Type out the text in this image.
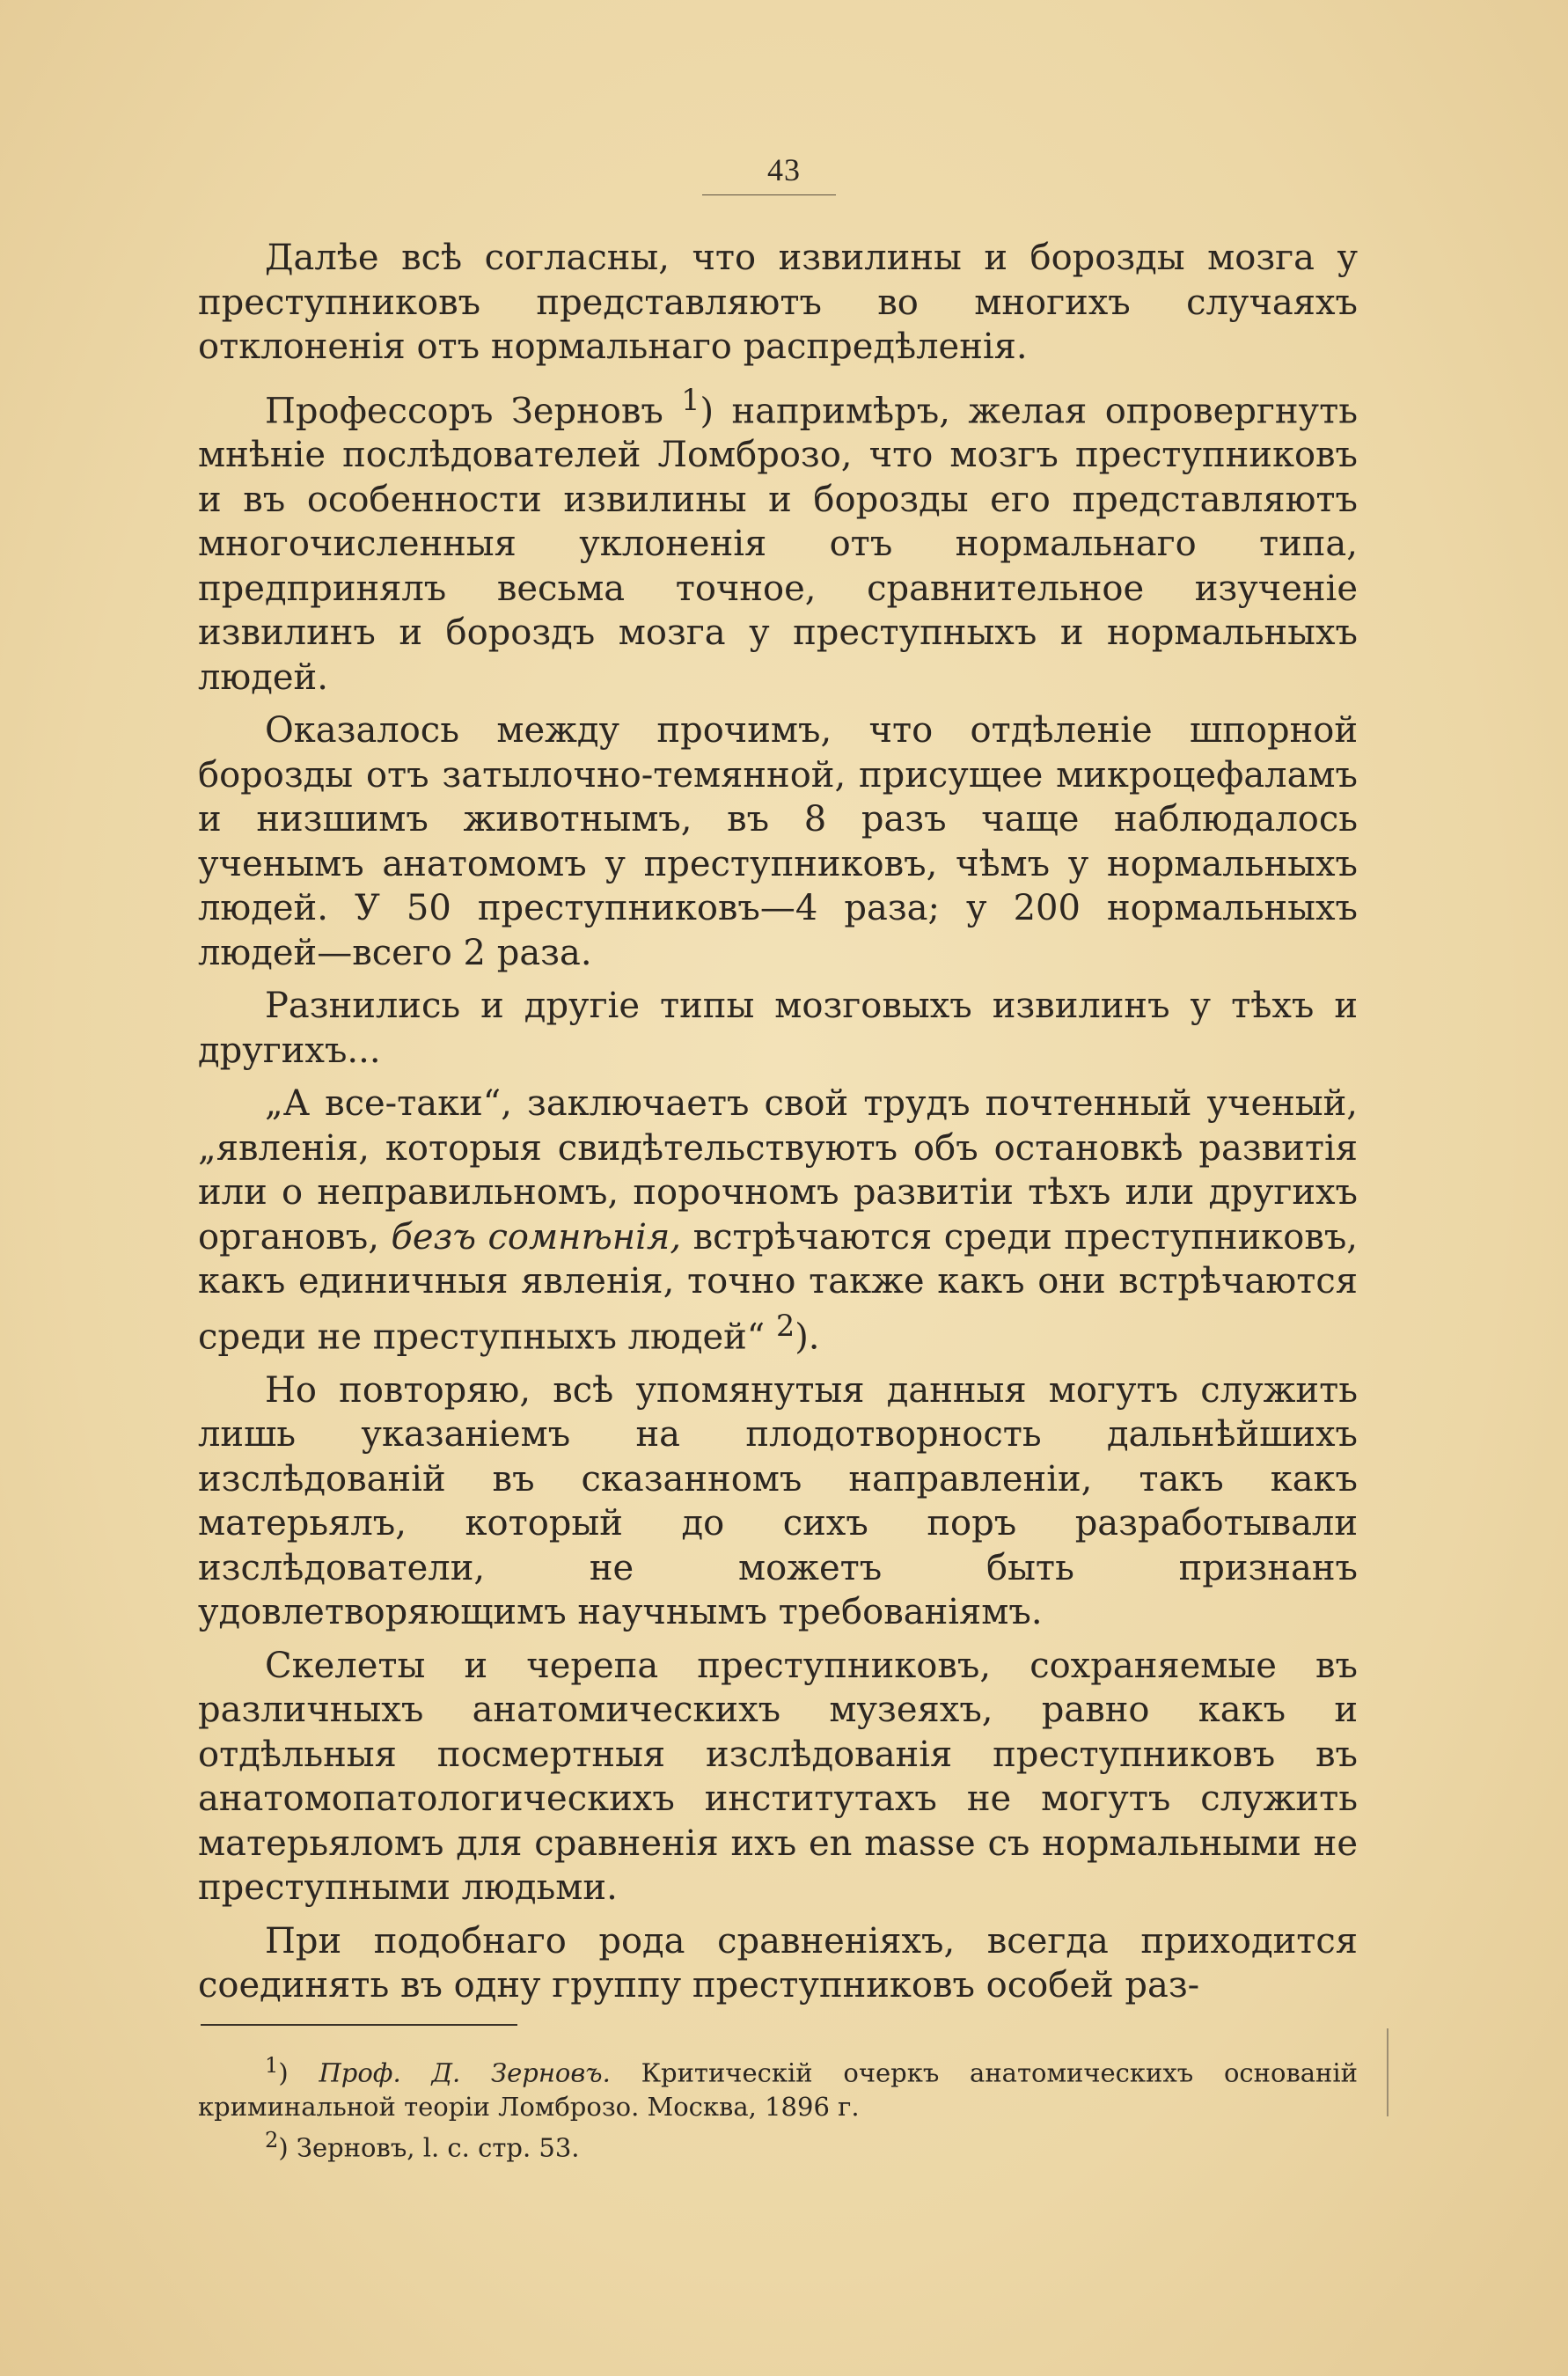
43

Далѣе всѣ согласны, что извилины и борозды мозга у преступниковъ представляютъ во многихъ случаяхъ отклоненія отъ нормальнаго распредѣленія.

Профессоръ Зерновъ $^1$) напримѣръ, желая опровергнуть мнѣніе послѣдователей Ломброзо, что мозгъ преступниковъ и въ особенности извилины и борозды его представляютъ многочисленныя уклоненія отъ нормальнаго типа, предпринялъ весьма точное, сравнительное изученіе извилинъ и бороздъ мозга у преступныхъ и нормальныхъ людей.

Оказалось между прочимъ, что отдѣленіе шпорной борозды отъ затылочно-темянной, присущее микроцефаламъ и низшимъ животнымъ, въ 8 разъ чаще наблюдалось ученымъ анатомомъ у преступниковъ, чѣмъ у нормальныхъ людей. У 50 преступниковъ—4 раза; у 200 нормальныхъ людей—всего 2 раза.

Разнились и другіе типы мозговыхъ извилинъ у тѣхъ и другихъ...

„А все-таки“, заключаетъ свой трудъ почтенный ученый, „явленія, которыя свидѣтельствуютъ объ остановкѣ развитія или о неправильномъ, порочномъ развитіи тѣхъ или другихъ органовъ, безъ сомнѣнія, встрѣчаются среди преступниковъ, какъ единичныя явленія, точно также какъ они встрѣчаются среди не преступныхъ людей“ $^2$).

Но повторяю, всѣ упомянутыя данныя могутъ служить лишь указаніемъ на плодотворность дальнѣйшихъ изслѣдованій въ сказанномъ направленіи, такъ какъ матерьялъ, который до сихъ поръ разработывали изслѣдователи, не можетъ быть признанъ удовлетворяющимъ научнымъ требованіямъ.

Скелеты и черепа преступниковъ, сохраняемые въ различныхъ анатомическихъ музеяхъ, равно какъ и отдѣльныя посмертныя изслѣдованія преступниковъ въ анатомопатологическихъ институтахъ не могутъ служить матерьяломъ для сравненія ихъ en masse съ нормальными не преступными людьми.

При подобнаго рода сравненіяхъ, всегда приходится соединять въ одну группу преступниковъ особей раз-

$^1$) Проф. Д. Зерновъ. Критическій очеркъ анатомическихъ основаній криминальной теоріи Ломброзо. Москва, 1896 г.

$^2$) Зерновъ, l. c. стр. 53.
